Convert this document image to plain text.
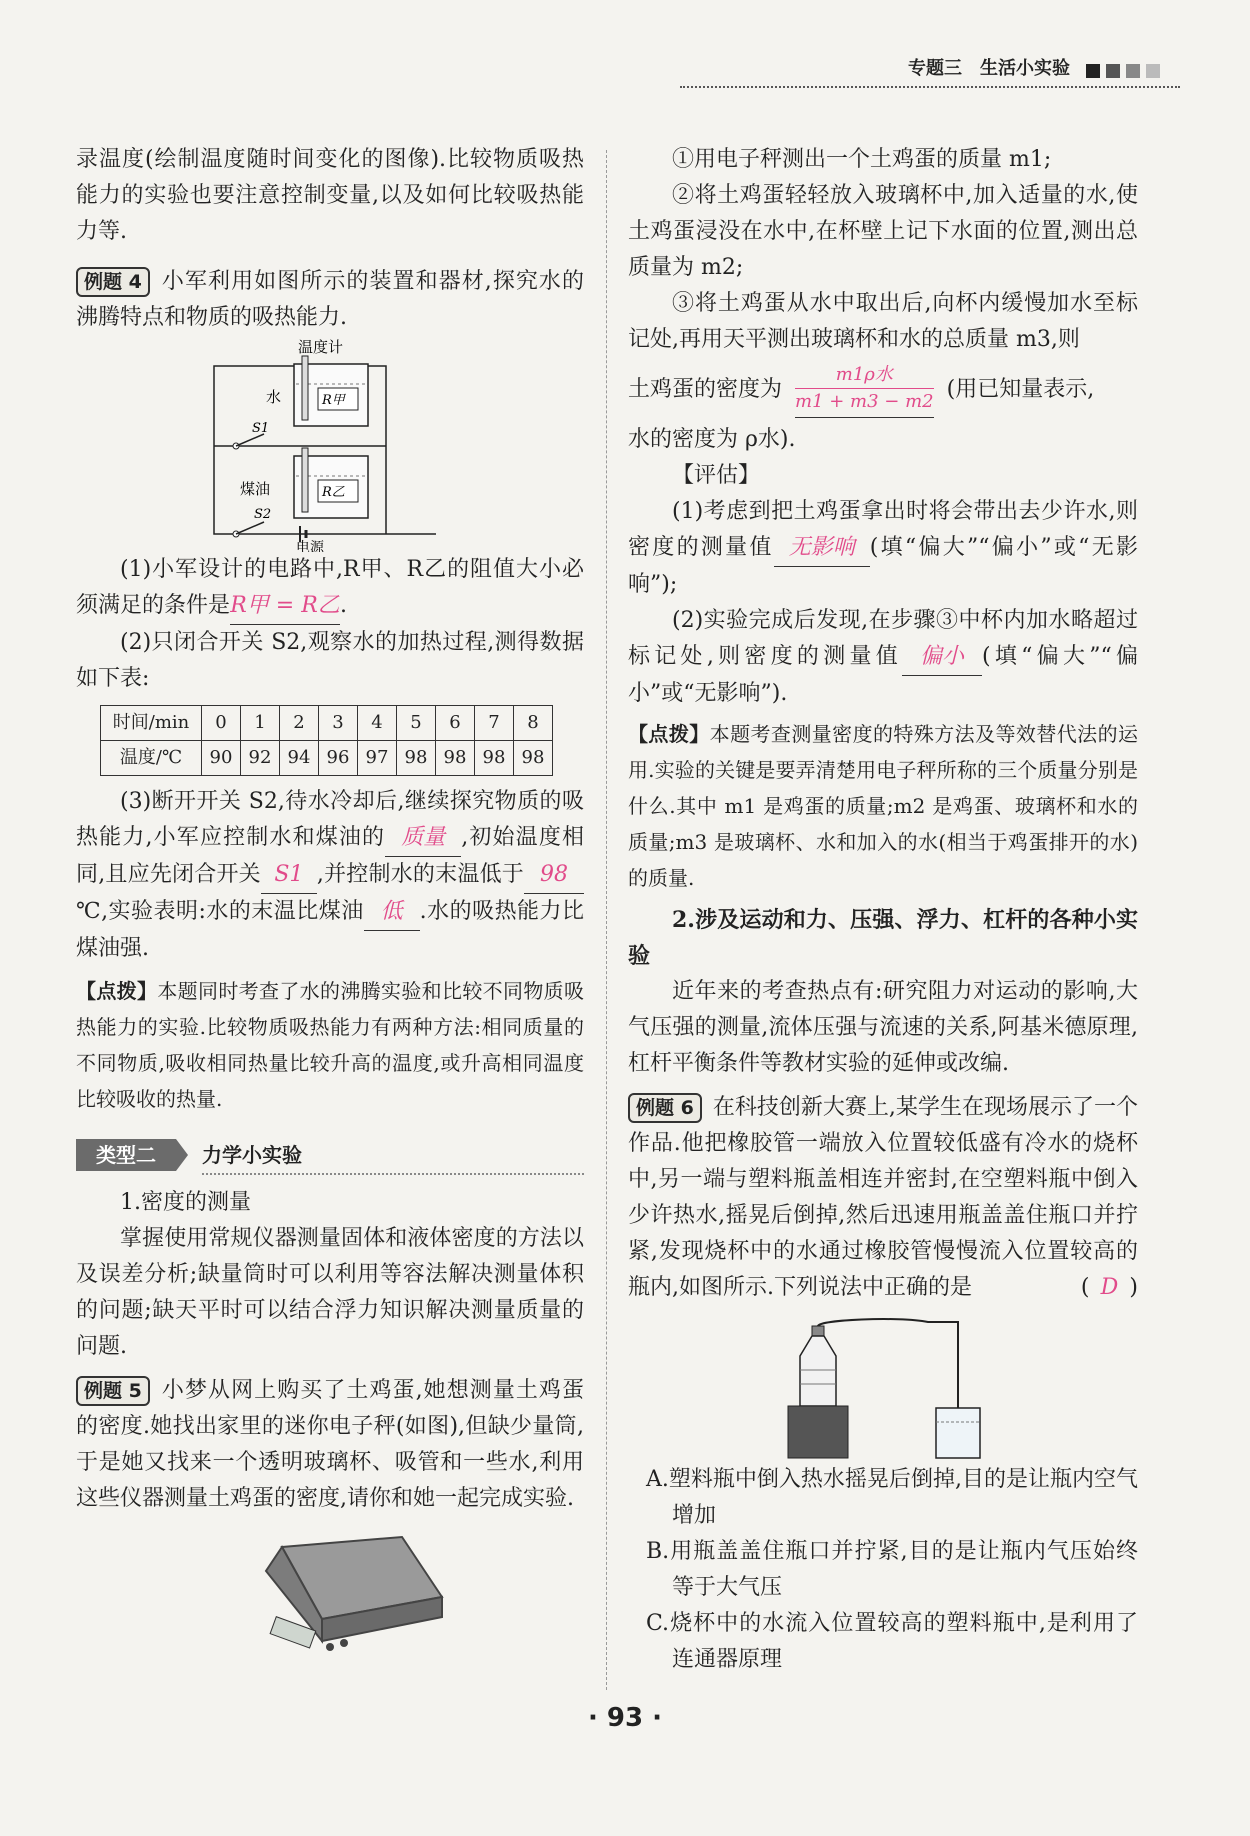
专题三　生活小实验

录温度(绘制温度随时间变化的图像).比较物质吸热能力的实验也要注意控制变量,以及如何比较吸热能力等.

例题 4 小军利用如图所示的装置和器材,探究水的沸腾特点和物质的吸热能力.

温度计
R甲
水
S1
R乙
煤油
S2
电源

(1)小军设计的电路中,R甲、R乙的阻值大小必须满足的条件是R甲 = R乙.

(2)只闭合开关 S2,观察水的加热过程,测得数据如下表:

时间/min	0	1	2	3	4	5	6	7	8
温度/℃	90	92	94	96	97	98	98	98	98

(3)断开开关 S2,待水冷却后,继续探究物质的吸热能力,小军应控制水和煤油的 质量 ,初始温度相同,且应先闭合开关 S1 ,并控制水的末温低于 98℃,实验表明:水的末温比煤油 低 .水的吸热能力比煤油强.

【点拨】本题同时考查了水的沸腾实验和比较不同物质吸热能力的实验.比较物质吸热能力有两种方法:相同质量的不同物质,吸收相同热量比较升高的温度,或升高相同温度比较吸收的热量.

类型二	力学小实验

1.密度的测量

掌握使用常规仪器测量固体和液体密度的方法以及误差分析;缺量筒时可以利用等容法解决测量体积的问题;缺天平时可以结合浮力知识解决测量质量的问题.

例题 5 小梦从网上购买了土鸡蛋,她想测量土鸡蛋的密度.她找出家里的迷你电子秤(如图),但缺少量筒,于是她又找来一个透明玻璃杯、吸管和一些水,利用这些仪器测量土鸡蛋的密度,请你和她一起完成实验.

①用电子秤测出一个土鸡蛋的质量 m1;

②将土鸡蛋轻轻放入玻璃杯中,加入适量的水,使土鸡蛋浸没在水中,在杯壁上记下水面的位置,测出总质量为 m2;

③将土鸡蛋从水中取出后,向杯内缓慢加水至标记处,再用天平测出玻璃杯和水的总质量 m3,则

土鸡蛋的密度为 $\frac{\text{m1ρ水}}{m1 + m3 - m2}$ (用已知量表示,

水的密度为 ρ水).

【评估】

(1)考虑到把土鸡蛋拿出时将会带出去少许水,则密度的测量值 无影响 (填“偏大”“偏小”或“无影响”);

(2)实验完成后发现,在步骤③中杯内加水略超过标记处,则密度的测量值 偏小 (填“偏大”“偏小”或“无影响”).

【点拨】本题考查测量密度的特殊方法及等效替代法的运用.实验的关键是要弄清楚用电子秤所称的三个质量分别是什么.其中 m1 是鸡蛋的质量;m2 是鸡蛋、玻璃杯和水的质量;m3 是玻璃杯、水和加入的水(相当于鸡蛋排开的水)的质量.

2.涉及运动和力、压强、浮力、杠杆的各种小实验

近年来的考查热点有:研究阻力对运动的影响,大气压强的测量,流体压强与流速的关系,阿基米德原理,杠杆平衡条件等教材实验的延伸或改编.

例题 6 在科技创新大赛上,某学生在现场展示了一个作品.他把橡胶管一端放入位置较低盛有冷水的烧杯中,另一端与塑料瓶盖相连并密封,在空塑料瓶中倒入少许热水,摇晃后倒掉,然后迅速用瓶盖盖住瓶口并拧紧,发现烧杯中的水通过橡胶管慢慢流入位置较高的瓶内,如图所示.下列说法中正确的是	( D )

A.塑料瓶中倒入热水摇晃后倒掉,目的是让瓶内空气增加

B.用瓶盖盖住瓶口并拧紧,目的是让瓶内气压始终等于大气压

C.烧杯中的水流入位置较高的塑料瓶中,是利用了连通器原理

· 93 ·
